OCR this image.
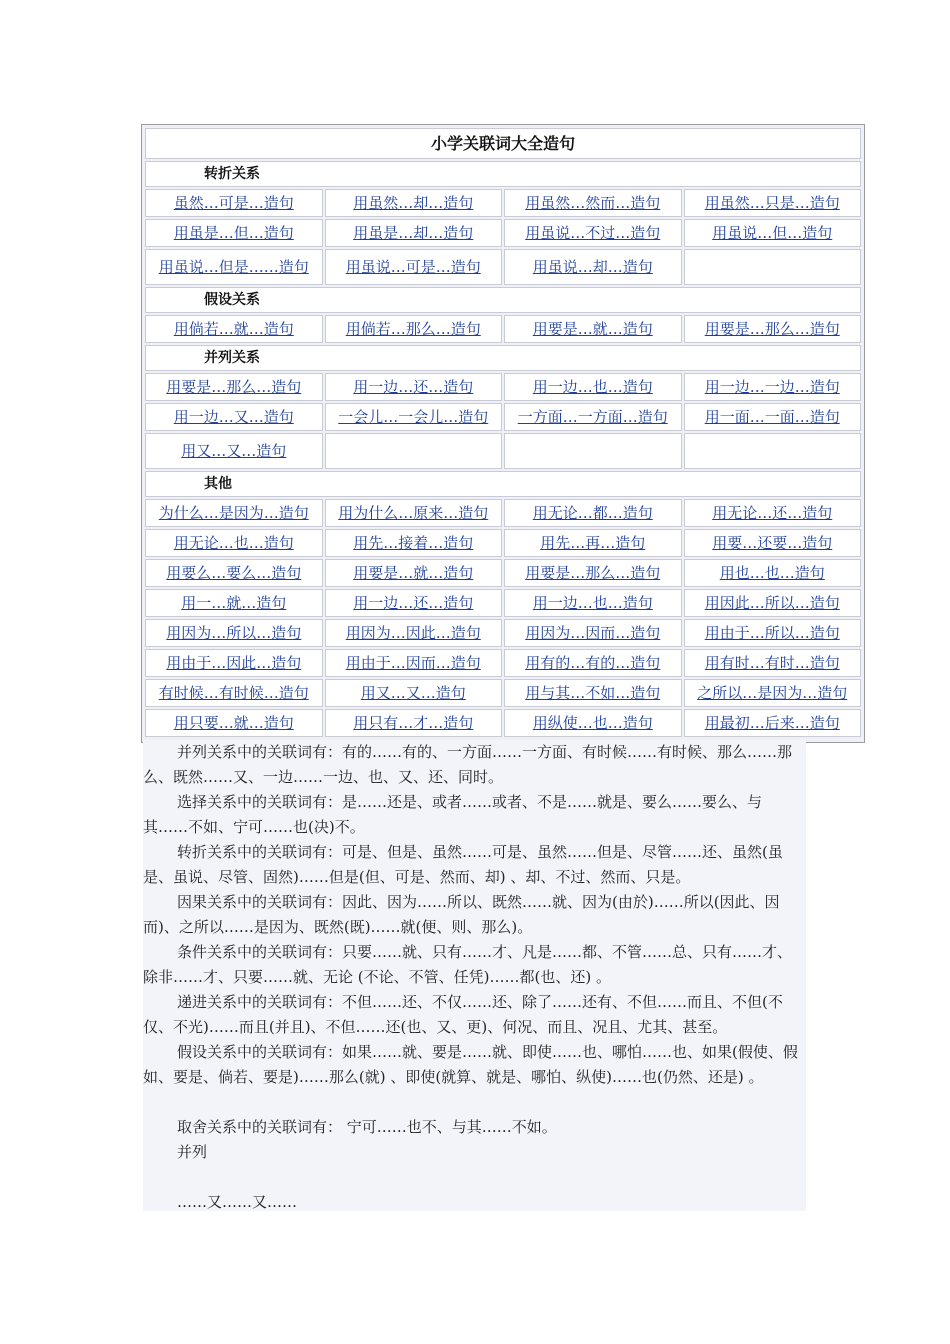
小学关联词大全造句
转折关系
虽然…可是…造句	用虽然…却…造句	用虽然…然而…造句	用虽然…只是…造句
用虽是…但…造句	用虽是…却…造句	用虽说…不过…造句	用虽说…但…造句
用虽说…但是……造句	用虽说…可是…造句	用虽说…却…造句
假设关系
用倘若…就…造句	用倘若…那么…造句	用要是…就…造句	用要是…那么…造句
并列关系
用要是…那么…造句	用一边…还…造句	用一边…也…造句	用一边…一边…造句
用一边…又…造句	一会儿…一会儿…造句	一方面…一方面…造句	用一面…一面…造句
用又…又…造句
其他
为什么…是因为…造句	用为什么…原来…造句	用无论…都…造句	用无论…还…造句
用无论…也…造句	用先…接着…造句	用先…再…造句	用要…还要…造句
用要么…要么…造句	用要是…就…造句	用要是…那么…造句	用也…也…造句
用一…就…造句	用一边…还…造句	用一边…也…造句	用因此…所以…造句
用因为…所以…造句	用因为…因此…造句	用因为…因而…造句	用由于…所以…造句
用由于…因此…造句	用由于…因而…造句	用有的…有的…造句	用有时…有时…造句
有时候…有时候…造句	用又…又…造句	用与其…不如…造句	之所以…是因为…造句
用只要…就…造句	用只有…才…造句	用纵使…也…造句	用最初…后来…造句

并列关系中的关联词有：有的……有的、一方面……一方面、有时候……有时候、那么……那么、既然……又、一边……一边、也、又、还、同时。

选择关系中的关联词有：是……还是、或者……或者、不是……就是、要么……要么、与其……不如、宁可……也(决)不。

转折关系中的关联词有：可是、但是、虽然……可是、虽然……但是、尽管……还、虽然(虽是、虽说、尽管、固然)……但是(但、可是、然而、却) 、却、不过、然而、只是。

因果关系中的关联词有：因此、因为……所以、既然……就、因为(由於)……所以(因此、因而)、之所以……是因为、既然(既)……就(便、则、那么)。

条件关系中的关联词有：只要……就、只有……才、凡是……都、不管……总、只有……才、除非……才、只要……就、无论 (不论、不管、任凭)……都(也、还) 。

递进关系中的关联词有：不但……还、不仅……还、除了……还有、不但……而且、不但(不仅、不光)……而且(并且)、不但……还(也、又、更)、何况、而且、况且、尤其、甚至。

假设关系中的关联词有：如果……就、要是……就、即使……也、哪怕……也、如果(假使、假如、要是、倘若、要是)……那么(就) 、即使(就算、就是、哪怕、纵使)……也(仍然、还是) 。

取舍关系中的关联词有： 宁可……也不、与其……不如。

并列

……又……又……
